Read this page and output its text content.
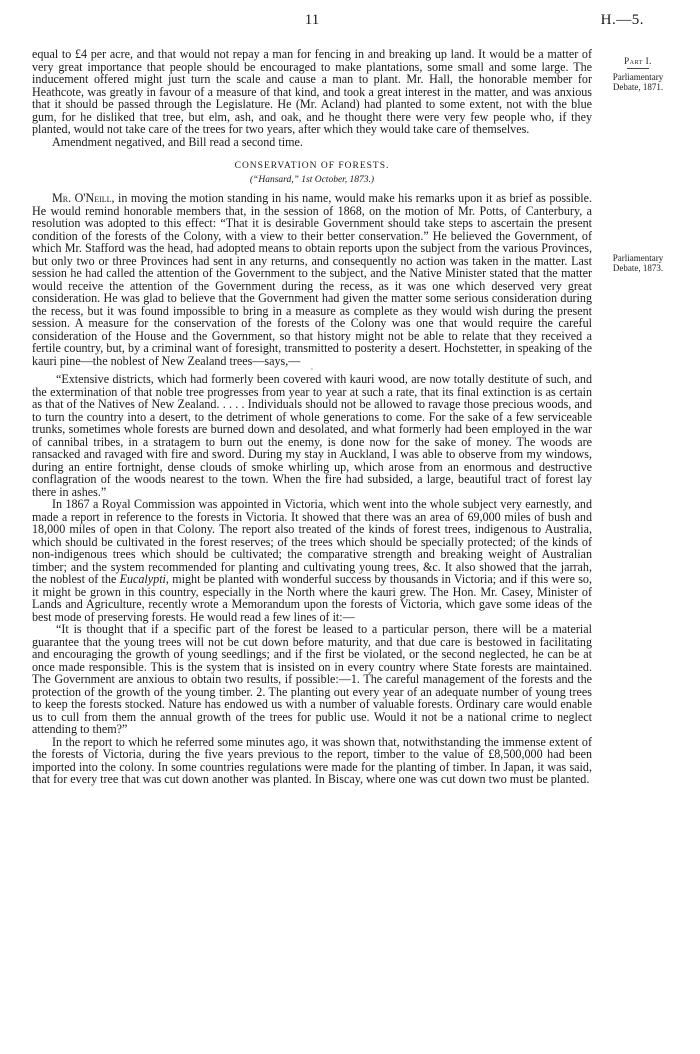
11	H.—5.
Part I.
Parliamentary Debate, 1871.
Parliamentary Debate, 1873.

equal to £4 per acre, and that would not repay a man for fencing in and breaking up land. It would be a matter of very great importance that people should be encouraged to make plantations, some small and some large. The inducement offered might just turn the scale and cause a man to plant. Mr. Hall, the honorable member for Heathcote, was greatly in favour of a measure of that kind, and took a great interest in the matter, and was anxious that it should be passed through the Legislature. He (Mr. Acland) had planted to some extent, not with the blue gum, for he disliked that tree, but elm, ash, and oak, and he thought there were very few people who, if they planted, would not take care of the trees for two years, after which they would take care of themselves.

Amendment negatived, and Bill read a second time.

CONSERVATION OF FORESTS.
(“Hansard,” 1st October, 1873.)

Mr. O'Neill, in moving the motion standing in his name, would make his remarks upon it as brief as possible. He would remind honorable members that, in the session of 1868, on the motion of Mr. Potts, of Canterbury, a resolution was adopted to this effect: “That it is desirable Government should take steps to ascertain the present condition of the forests of the Colony, with a view to their better conservation.” He believed the Government, of which Mr. Stafford was the head, had adopted means to obtain reports upon the subject from the various Provinces, but only two or three Provinces had sent in any returns, and consequently no action was taken in the matter. Last session he had called the attention of the Government to the subject, and the Native Minister stated that the matter would receive the attention of the Government during the recess, as it was one which deserved very great consideration. He was glad to believe that the Government had given the matter some serious consideration during the recess, but it was found impossible to bring in a measure as complete as they would wish during the present session. A measure for the conservation of the forests of the Colony was one that would require the careful consideration of the House and the Government, so that history might not be able to relate that they received a fertile country, but, by a criminal want of foresight, transmitted to posterity a desert. Hochstetter, in speaking of the kauri pine—the noblest of New Zealand trees—says,—

·

“Extensive districts, which had formerly been covered with kauri wood, are now totally destitute of such, and the extermination of that noble tree progresses from year to year at such a rate, that its final extinction is as certain as that of the Natives of New Zealand. . . . . Individuals should not be allowed to ravage those precious woods, and to turn the country into a desert, to the detriment of whole generations to come. For the sake of a few serviceable trunks, sometimes whole forests are burned down and desolated, and what formerly had been employed in the war of cannibal tribes, in a stratagem to burn out the enemy, is done now for the sake of money. The woods are ransacked and ravaged with fire and sword. During my stay in Auckland, I was able to observe from my windows, during an entire fortnight, dense clouds of smoke whirling up, which arose from an enormous and destructive conflagration of the woods nearest to the town. When the fire had subsided, a large, beautiful tract of forest lay there in ashes.”

In 1867 a Royal Commission was appointed in Victoria, which went into the whole subject very earnestly, and made a report in reference to the forests in Victoria. It showed that there was an area of 69,000 miles of bush and 18,000 miles of open in that Colony. The report also treated of the kinds of forest trees, indigenous to Australia, which should be cultivated in the forest reserves; of the trees which should be specially protected; of the kinds of non-indigenous trees which should be cultivated; the comparative strength and breaking weight of Australian timber; and the system recommended for planting and cultivating young trees, &c. It also showed that the jarrah, the noblest of the Eucalypti, might be planted with wonderful success by thousands in Victoria; and if this were so, it might be grown in this country, especially in the North where the kauri grew. The Hon. Mr. Casey, Minister of Lands and Agriculture, recently wrote a Memorandum upon the forests of Victoria, which gave some ideas of the best mode of preserving forests. He would read a few lines of it:—

“It is thought that if a specific part of the forest be leased to a particular person, there will be a material guarantee that the young trees will not be cut down before maturity, and that due care is bestowed in facilitating and encouraging the growth of young seedlings; and if the first be violated, or the second neglected, he can be at once made responsible. This is the system that is insisted on in every country where State forests are maintained. The Government are anxious to obtain two results, if possible:—1. The careful management of the forests and the protection of the growth of the young timber. 2. The planting out every year of an adequate number of young trees to keep the forests stocked. Nature has endowed us with a number of valuable forests. Ordinary care would enable us to cull from them the annual growth of the trees for public use. Would it not be a national crime to neglect attending to them?”

In the report to which he referred some minutes ago, it was shown that, notwithstanding the immense extent of the forests of Victoria, during the five years previous to the report, timber to the value of £8,500,000 had been imported into the colony. In some countries regulations were made for the planting of timber. In Japan, it was said, that for every tree that was cut down another was planted. In Biscay, where one was cut down two must be planted.
